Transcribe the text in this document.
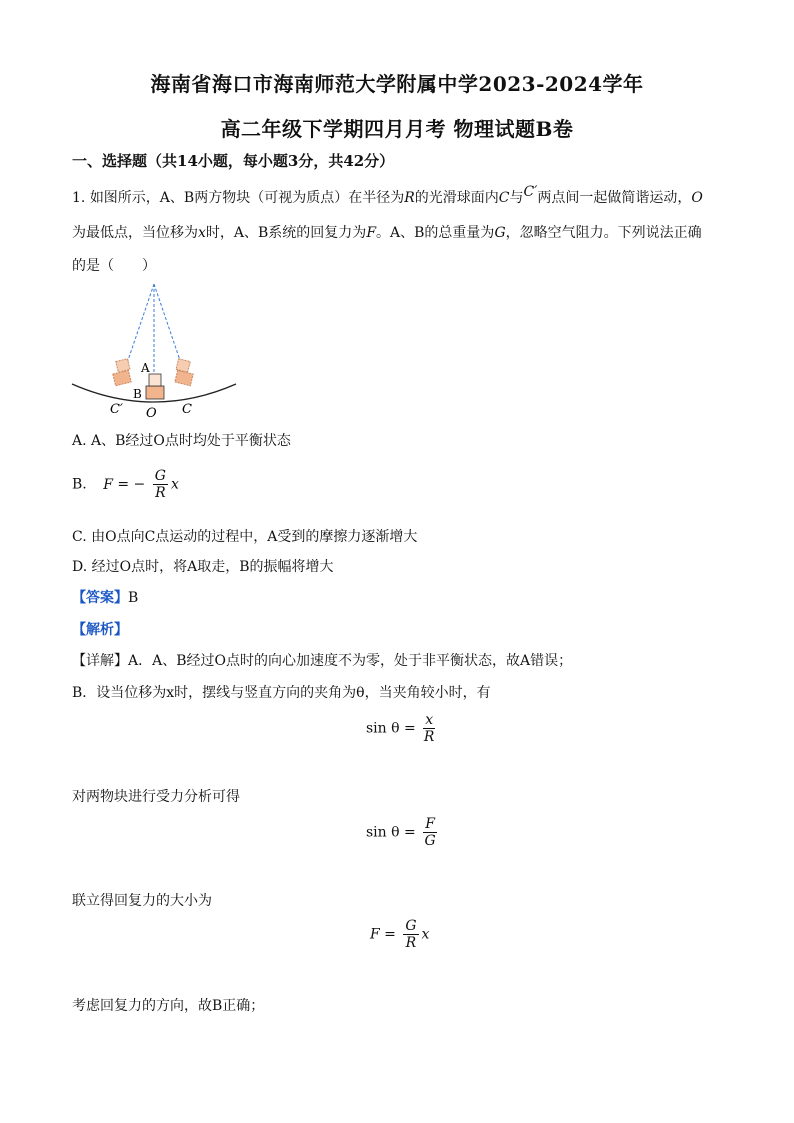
海南省海口市海南师范大学附属中学2023-2024学年
高二年级下学期四月月考 物理试题B卷
一、选择题（共14小题，每小题3分，共42分）
1. 如图所示，A、B两方物块（可视为质点）在半径为R的光滑球面内C与C′两点间一起做简谐运动，O
为最低点，当位移为x时，A、B系统的回复力为F。A、B的总重量为G，忽略空气阻力。下列说法正确
的是（　　）
A
B
C′ O C
A. A、B经过O点时均处于平衡状态
B. F = − $\frac{G}{R}$ x
C. 由O点向C点运动的过程中，A受到的摩擦力逐渐增大
D. 经过O点时，将A取走，B的振幅将增大
【答案】B
【解析】
【详解】A．A、B经过O点时的向心加速度不为零，处于非平衡状态，故A错误；
B．设当位移为x时，摆线与竖直方向的夹角为θ，当夹角较小时，有
$\sin \theta = \frac{x}{R}$
对两物块进行受力分析可得
$\sin \theta = \frac{F}{G}$
联立得回复力的大小为
$F = \frac{G}{R}$ x
考虑回复力的方向，故B正确；
